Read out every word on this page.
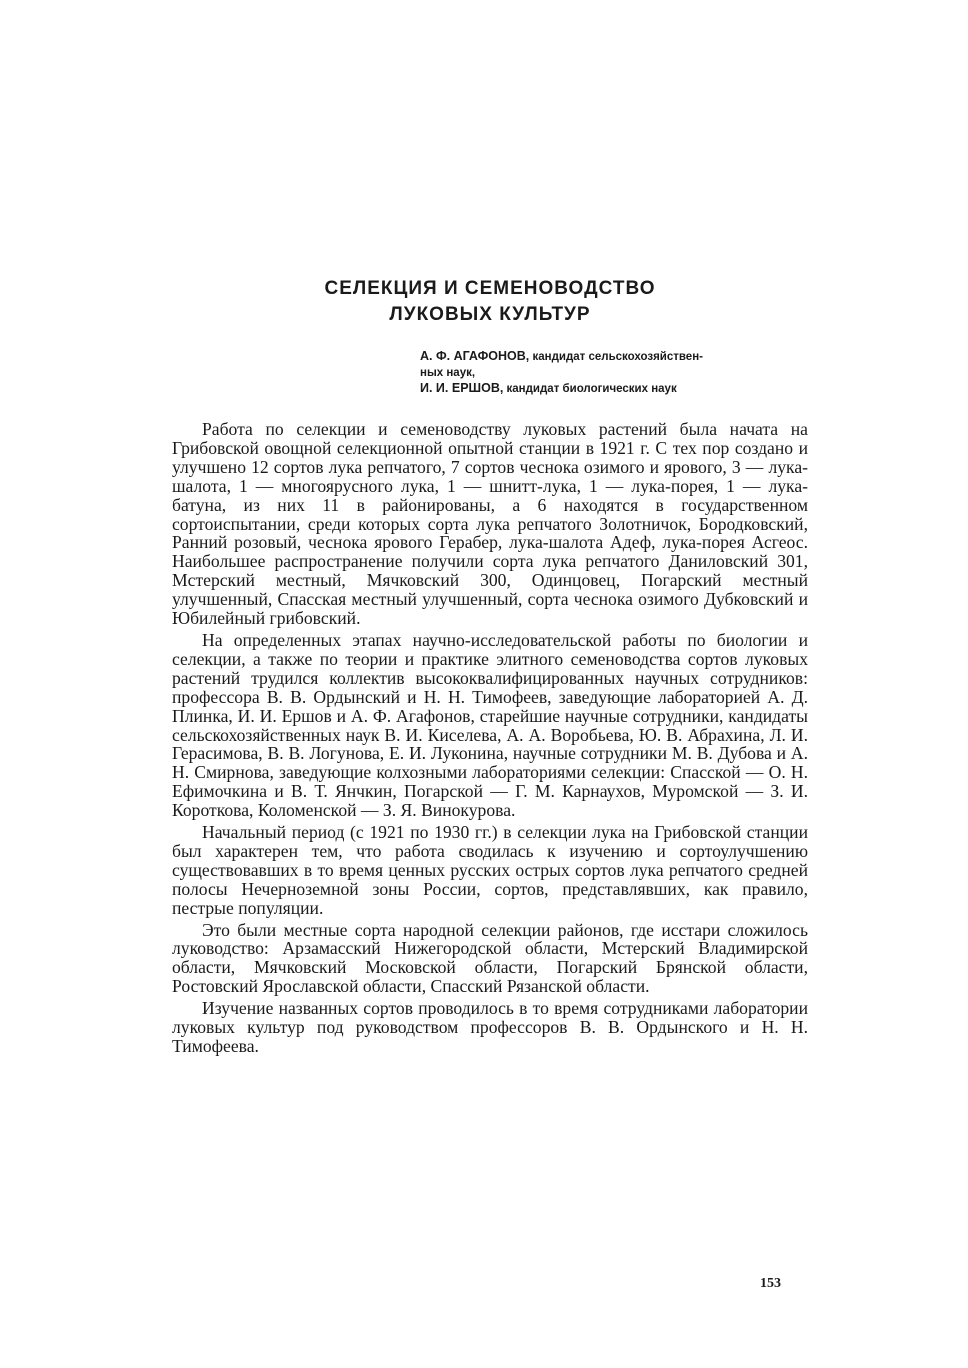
СЕЛЕКЦИЯ И СЕМЕНОВОДСТВО
ЛУКОВЫХ КУЛЬТУР
А. Ф. АГАФОНОВ, кандидат сельскохозяйствен-
ных наук,
И. И. ЕРШОВ, кандидат биологических наук

Работа по селекции и семеноводству луковых растений была начата на Грибовской овощной селекционной опытной станции в 1921 г. С тех пор создано и улучшено 12 сортов лука репчатого, 7 сортов чеснока озимого и ярового, 3 — лука-шалота, 1 — многоярусного лука, 1 — шнитт-лука, 1 — лука-порея, 1 — лука-батуна, из них 11 в районированы, а 6 находятся в государственном сортоиспытании, среди которых сорта лука репчатого Золотничок, Бородковский, Ранний розовый, чеснока ярового Герабер, лука-шалота Адеф, лука-порея Асгеос. Наибольшее распространение получили сорта лука репчатого Даниловский 301, Мстерский местный, Мячковский 300, Одинцовец, Погарский местный улучшенный, Спасская местный улучшенный, сорта чеснока озимого Дубковский и Юбилейный грибовский.

На определенных этапах научно-исследовательской работы по биологии и селекции, а также по теории и практике элитного семеноводства сортов луковых растений трудился коллектив высококвалифицированных научных сотрудников: профессора В. В. Ордынский и Н. Н. Тимофеев, заведующие лабораторией А. Д. Плинка, И. И. Ершов и А. Ф. Агафонов, старейшие научные сотрудники, кандидаты сельскохозяйственных наук В. И. Киселева, А. А. Воробьева, Ю. В. Абрахина, Л. И. Герасимова, В. В. Логунова, Е. И. Луконина, научные сотрудники М. В. Дубова и А. Н. Смирнова, заведующие колхозными лабораториями селекции: Спасской — О. Н. Ефимочкина и В. Т. Янчкин, Погарской — Г. М. Карнаухов, Муромской — З. И. Короткова, Коломенской — З. Я. Винокурова.

Начальный период (с 1921 по 1930 гг.) в селекции лука на Грибовской станции был характерен тем, что работа сводилась к изучению и сортоулучшению существовавших в то время ценных русских острых сортов лука репчатого средней полосы Нечерноземной зоны России, сортов, представлявших, как правило, пестрые популяции.

Это были местные сорта народной селекции районов, где исстари сложилось луководство: Арзамасский Нижегородской области, Мстерский Владимирской области, Мячковский Московской области, Погарский Брянской области, Ростовский Ярославской области, Спасский Рязанской области.

Изучение названных сортов проводилось в то время сотрудниками лаборатории луковых культур под руководством профессоров В. В. Ордынского и Н. Н. Тимофеева.

153
